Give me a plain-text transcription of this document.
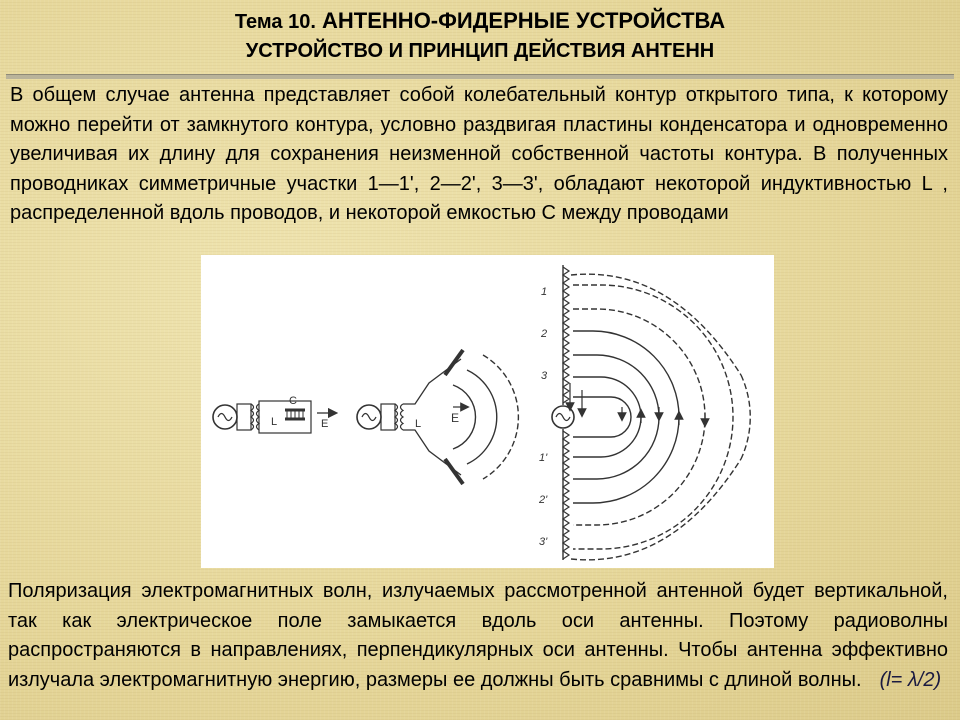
Тема 10. АНТЕННО-ФИДЕРНЫЕ УСТРОЙСТВА
УСТРОЙСТВО И ПРИНЦИП ДЕЙСТВИЯ АНТЕНН
В общем случае антенна представляет собой колебательный контур открытого типа, к которому можно перейти от замкнутого контура, условно раздвигая пластины конденсатора и одновременно увеличивая их длину для сохранения неизменной собственной частоты контура. В полученных проводниках симметричные участки 1—1', 2—2', 3—3', обладают некоторой индуктивностью L , распределенной вдоль проводов, и некоторой емкостью С между проводами
L
C
E	L E
1
2
3
1'
2'
3'
Поляризация электромагнитных волн, излучаемых рассмотренной антенной будет вертикальной, так как электрическое поле замыкается вдоль оси антенны. Поэтому радиоволны распространяются в направлениях, перпендикулярных оси антенны. Чтобы антенна эффективно излучала электромагнитную энергию, размеры ее должны быть сравнимы с длиной волны. (l= λ/2)
